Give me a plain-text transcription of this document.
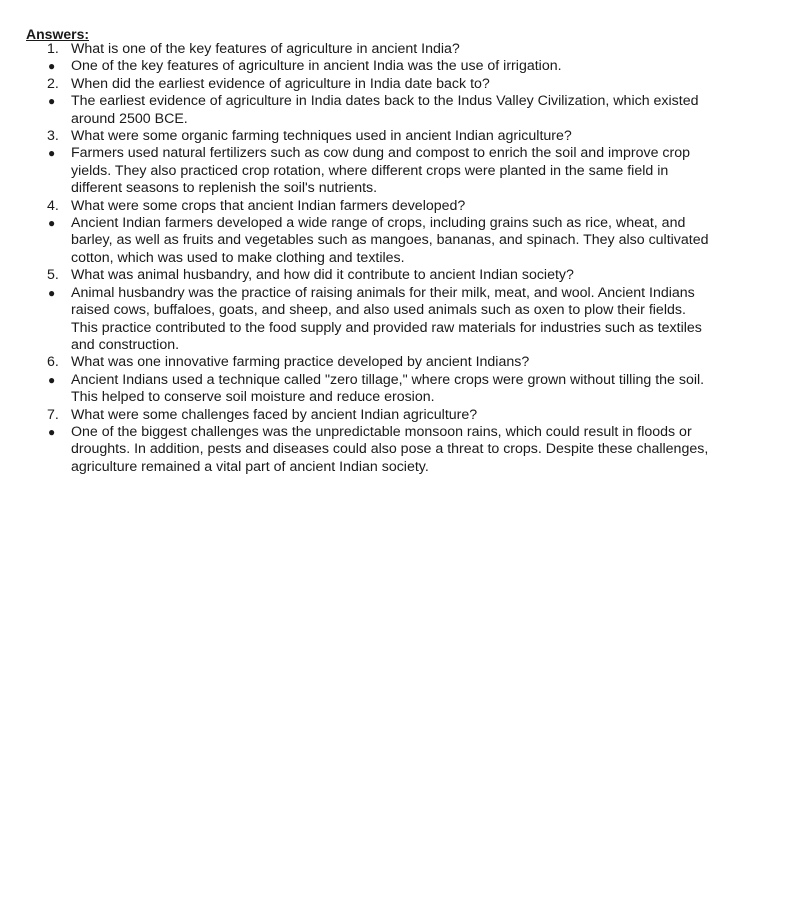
Answers:
1. What is one of the key features of agriculture in ancient India?
●	One of the key features of agriculture in ancient India was the use of irrigation.
2. When did the earliest evidence of agriculture in India date back to?
●	The earliest evidence of agriculture in India dates back to the Indus Valley Civilization, which existed around 2500 BCE.
3. What were some organic farming techniques used in ancient Indian agriculture?
●	Farmers used natural fertilizers such as cow dung and compost to enrich the soil and improve crop yields. They also practiced crop rotation, where different crops were planted in the same field in different seasons to replenish the soil's nutrients.
4. What were some crops that ancient Indian farmers developed?
●	Ancient Indian farmers developed a wide range of crops, including grains such as rice, wheat, and barley, as well as fruits and vegetables such as mangoes, bananas, and spinach. They also cultivated cotton, which was used to make clothing and textiles.
5. What was animal husbandry, and how did it contribute to ancient Indian society?
●	Animal husbandry was the practice of raising animals for their milk, meat, and wool. Ancient Indians raised cows, buffaloes, goats, and sheep, and also used animals such as oxen to plow their fields. This practice contributed to the food supply and provided raw materials for industries such as textiles and construction.
6. What was one innovative farming practice developed by ancient Indians?
●	Ancient Indians used a technique called "zero tillage," where crops were grown without tilling the soil. This helped to conserve soil moisture and reduce erosion.
7. What were some challenges faced by ancient Indian agriculture?
●	One of the biggest challenges was the unpredictable monsoon rains, which could result in floods or droughts. In addition, pests and diseases could also pose a threat to crops. Despite these challenges, agriculture remained a vital part of ancient Indian society.
